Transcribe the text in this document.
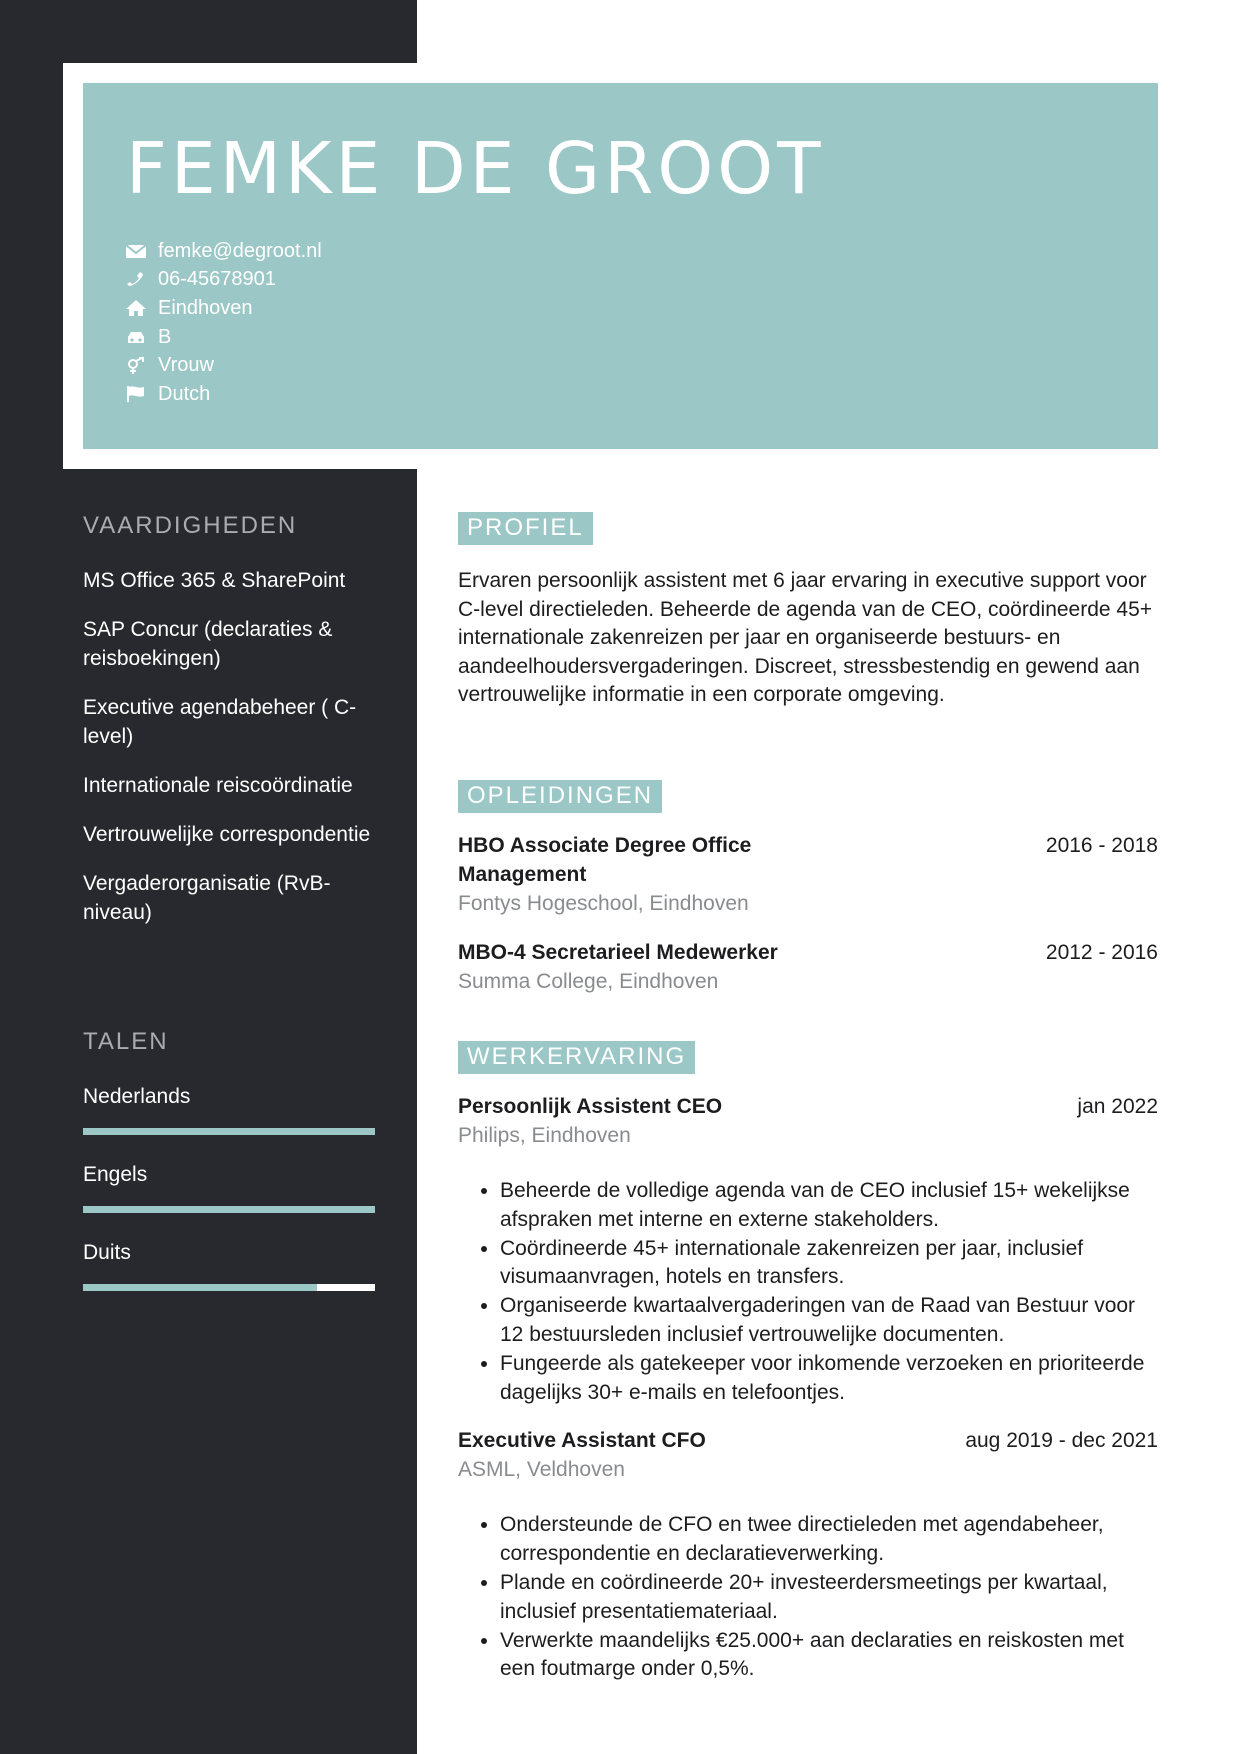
FEMKE DE GROOT
femke@degroot.nl
06-45678901
Eindhoven
B
Vrouw
Dutch
VAARDIGHEDEN
MS Office 365 & SharePoint
SAP Concur (declaraties & reisboekingen)
Executive agendabeheer ( C-level)
Internationale reiscoördinatie
Vertrouwelijke correspondentie
Vergaderorganisatie (RvB-niveau)
TALEN
Nederlands
Engels
Duits
PROFIEL

Ervaren persoonlijk assistent met 6 jaar ervaring in executive support voor C-level directieleden. Beheerde de agenda van de CEO, coördineerde 45+ internationale zakenreizen per jaar en organiseerde bestuurs- en aandeelhoudersvergaderingen. Discreet, stressbestendig en gewend aan vertrouwelijke informatie in een corporate omgeving.

OPLEIDINGEN
HBO Associate Degree Office Management
2016 - 2018
Fontys Hogeschool, Eindhoven
MBO-4 Secretarieel Medewerker	2012 - 2016
Summa College, Eindhoven
WERKERVARING
Persoonlijk Assistent CEO	jan 2022
Philips, Eindhoven
• Beheerde de volledige agenda van de CEO inclusief 15+ wekelijkse afspraken met interne en externe stakeholders.
• Coördineerde 45+ internationale zakenreizen per jaar, inclusief visumaanvragen, hotels en transfers.
• Organiseerde kwartaalvergaderingen van de Raad van Bestuur voor 12 bestuursleden inclusief vertrouwelijke documenten.
• Fungeerde als gatekeeper voor inkomende verzoeken en prioriteerde dagelijks 30+ e-mails en telefoontjes.
Executive Assistant CFO	aug 2019 - dec 2021
ASML, Veldhoven
• Ondersteunde de CFO en twee directieleden met agendabeheer, correspondentie en declaratieverwerking.
• Plande en coördineerde 20+ investeerdersmeetings per kwartaal, inclusief presentatiemateriaal.
• Verwerkte maandelijks €25.000+ aan declaraties en reiskosten met een foutmarge onder 0,5%.
